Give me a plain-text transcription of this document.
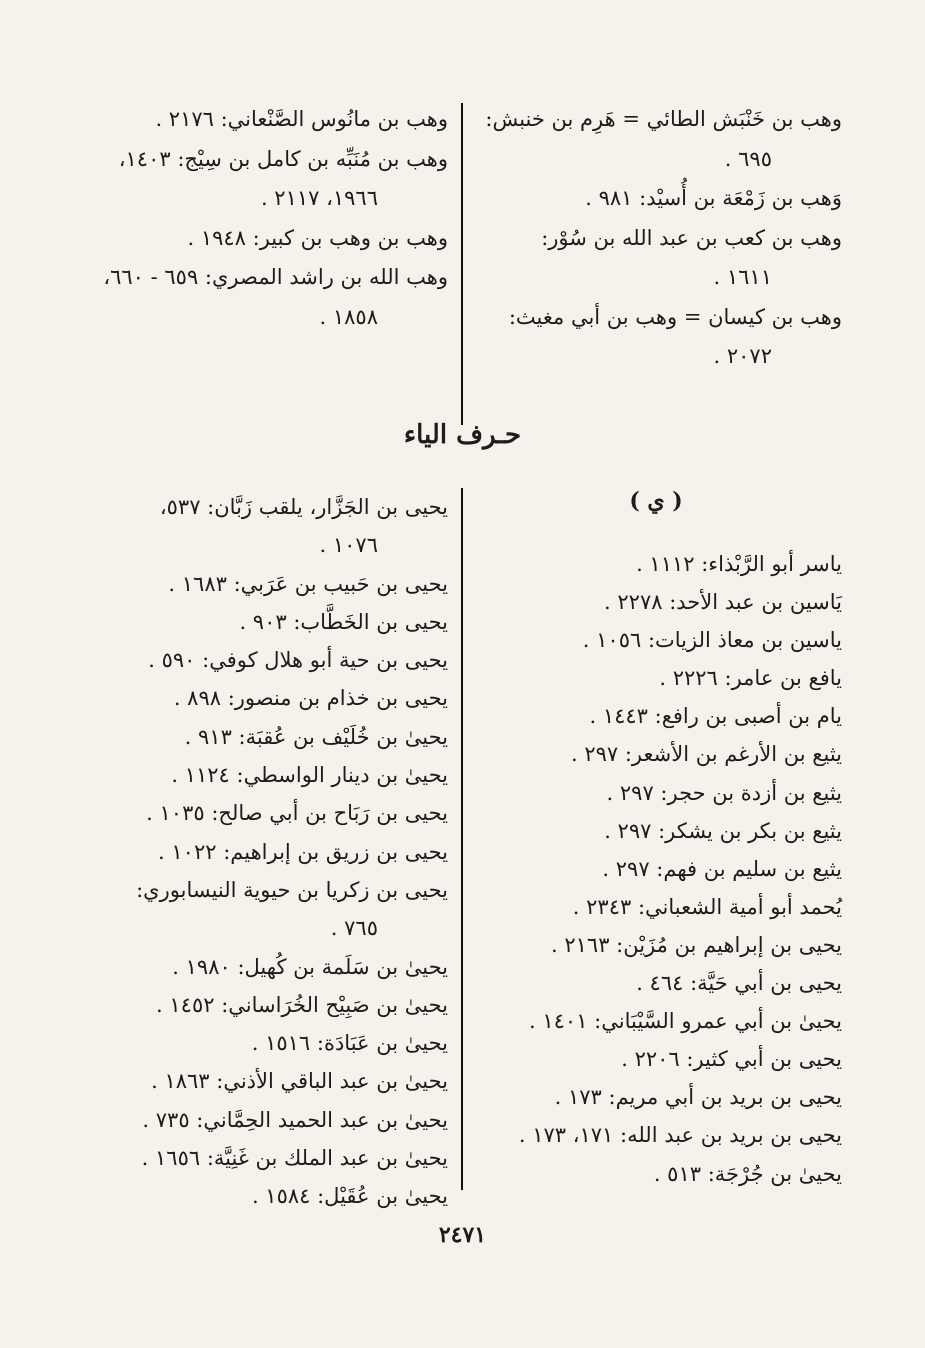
وهب بن خَنْبَش الطائي = هَرِم بن خنبش:
٦٩٥ .
وَهب بن زَمْعَة بن أُسيْد: ٩٨١ .
وهب بن كعب بن عبد الله بن سُوْر:
١٦١١ .
وهب بن كيسان = وهب بن أبي مغيث:
٢٠٧٢ .
وهب بن مانُوس الصَّنْعاني: ٢١٧٦ .
وهب بن مُنَبِّه بن كامل بن سِيْج: ١٤٠٣،
١٩٦٦، ٢١١٧ .
وهب بن وهب بن كبير: ١٩٤٨ .
وهب الله بن راشد المصري: ٦٥٩ - ٦٦٠،
١٨٥٨ .
حـرف الياء
( ي )
ياسر أبو الرَّبْذاء: ١١١٢ .
يَاسين بن عبد الأحد: ٢٢٧٨ .
ياسين بن معاذ الزيات: ١٠٥٦ .
يافع بن عامر: ٢٢٢٦ .
يام بن أصبى بن رافع: ١٤٤٣ .
يثيع بن الأرغم بن الأشعر: ٢٩٧ .
يثيع بن أزدة بن حجر: ٢٩٧ .
يثيع بن بكر بن يشكر: ٢٩٧ .
يثيع بن سليم بن فهم: ٢٩٧ .
يُحمد أبو أمية الشعباني: ٢٣٤٣ .
يحيى بن إبراهيم بن مُزَيْن: ٢١٦٣ .
يحيى بن أبي حَيَّة: ٤٦٤ .
يحيىٰ بن أبي عمرو السَّيْبَاني: ١٤٠١ .
يحيى بن أبي كثير: ٢٢٠٦ .
يحيى بن بريد بن أبي مريم: ١٧٣ .
يحيى بن بريد بن عبد الله: ١٧١، ١٧٣ .
يحيىٰ بن جُرْجَة: ٥١٣ .
يحيى بن الجَزَّار، يلقب زَبَّان: ٥٣٧،
١٠٧٦ .
يحيى بن حَبيب بن عَرَبي: ١٦٨٣ .
يحيى بن الخَطَّاب: ٩٠٣ .
يحيى بن حية أبو هلال كوفي: ٥٩٠ .
يحيى بن خذام بن منصور: ٨٩٨ .
يحيىٰ بن خُلَيْف بن عُقبَة: ٩١٣ .
يحيىٰ بن دينار الواسطي: ١١٢٤ .
يحيى بن رَبَاح بن أبي صالح: ١٠٣٥ .
يحيى بن زريق بن إبراهيم: ١٠٢٢ .
يحيى بن زكريا بن حيوية النيسابوري:
٧٦٥ .
يحيىٰ بن سَلَمة بن كُهيل: ١٩٨٠ .
يحيىٰ بن صَبِيْح الخُرَاساني: ١٤٥٢ .
يحيىٰ بن عَبَادَة: ١٥١٦ .
يحيىٰ بن عبد الباقي الأذني: ١٨٦٣ .
يحيىٰ بن عبد الحميد الحِمَّاني: ٧٣٥ .
يحيىٰ بن عبد الملك بن غَنِيَّة: ١٦٥٦ .
يحيىٰ بن عُقَيْل: ١٥٨٤ .
٢٤٧١
